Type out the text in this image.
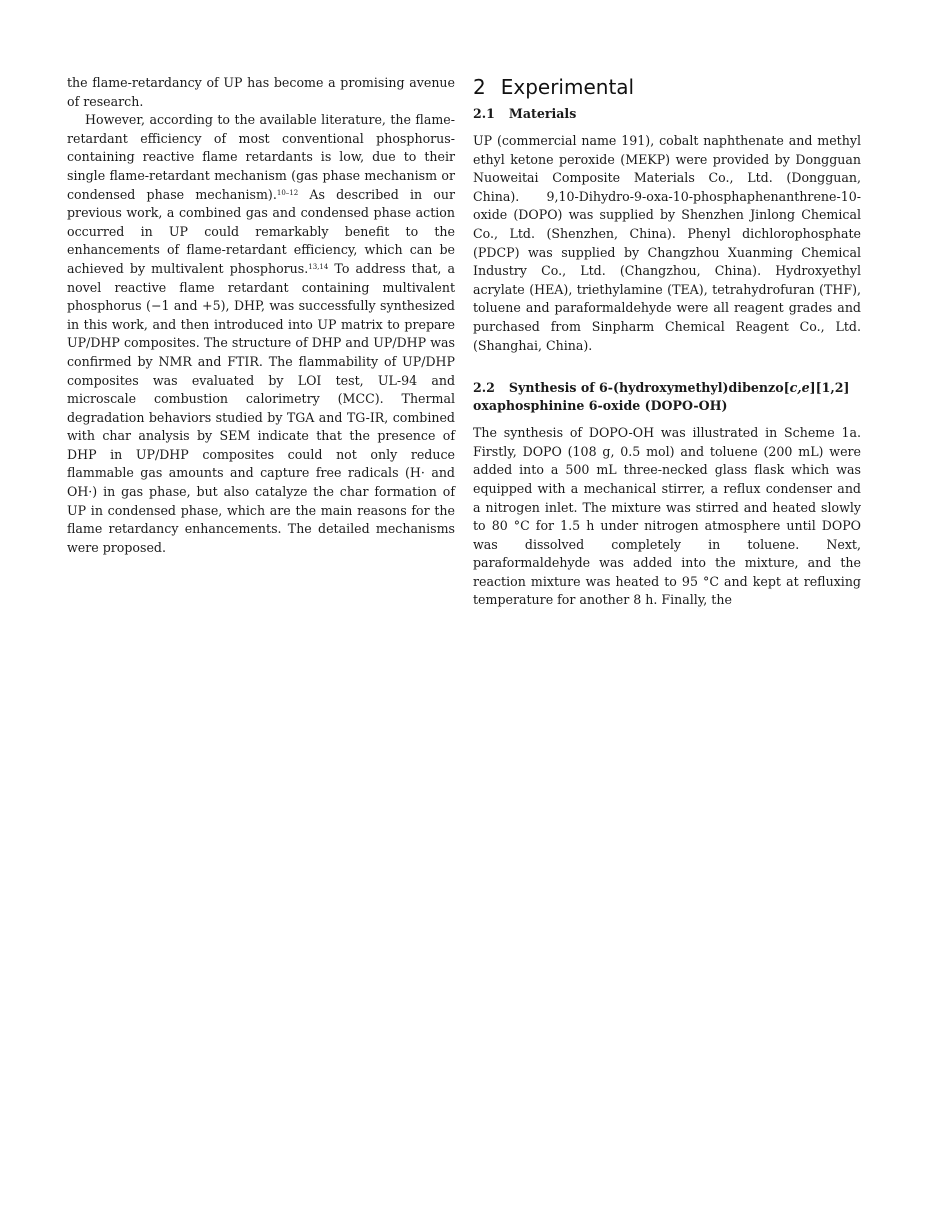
the flame-retardancy of UP has become a promising avenue of research.

However, according to the available literature, the flame-retardant efficiency of most conventional phosphorus-containing reactive flame retardants is low, due to their single flame-retardant mechanism (gas phase mechanism or condensed phase mechanism).$^{10-12}$ As described in our previous work, a combined gas and condensed phase action occurred in UP could remarkably benefit to the enhancements of flame-retardant efficiency, which can be achieved by multivalent phosphorus.$^{13,14}$ To address that, a novel reactive flame retardant containing multivalent phosphorus (−1 and +5), DHP, was successfully synthesized in this work, and then introduced into UP matrix to prepare UP/DHP composites. The structure of DHP and UP/DHP was confirmed by NMR and FTIR. The flammability of UP/DHP composites was evaluated by LOI test, UL-94 and microscale combustion calorimetry (MCC). Thermal degradation behaviors studied by TGA and TG-IR, combined with char analysis by SEM indicate that the presence of DHP in UP/DHP composites could not only reduce flammable gas amounts and capture free radicals (H· and OH·) in gas phase, but also catalyze the char formation of UP in condensed phase, which are the main reasons for the flame retardancy enhancements. The detailed mechanisms were proposed.

2 Experimental
2.1 Materials

UP (commercial name 191), cobalt naphthenate and methyl ethyl ketone peroxide (MEKP) were provided by Dongguan Nuoweitai Composite Materials Co., Ltd. (Dongguan, China). 9,10-Dihydro-9-oxa-10-phosphaphenanthrene-10-oxide (DOPO) was supplied by Shenzhen Jinlong Chemical Co., Ltd. (Shenzhen, China). Phenyl dichlorophosphate (PDCP) was supplied by Changzhou Xuanming Chemical Industry Co., Ltd. (Changzhou, China). Hydroxyethyl acrylate (HEA), triethylamine (TEA), tetrahydrofuran (THF), toluene and paraformaldehyde were all reagent grades and purchased from Sinpharm Chemical Reagent Co., Ltd. (Shanghai, China).

2.2 Synthesis of 6-(hydroxymethyl)dibenzo[c,e][1,2] oxaphosphinine 6-oxide (DOPO-OH)

The synthesis of DOPO-OH was illustrated in Scheme 1a. Firstly, DOPO (108 g, 0.5 mol) and toluene (200 mL) were added into a 500 mL three-necked glass flask which was equipped with a mechanical stirrer, a reflux condenser and a nitrogen inlet. The mixture was stirred and heated slowly to 80 °C for 1.5 h under nitrogen atmosphere until DOPO was dissolved completely in toluene. Next, paraformaldehyde was added into the mixture, and the reaction mixture was heated to 95 °C and kept at refluxing temperature for another 8 h. Finally, the
